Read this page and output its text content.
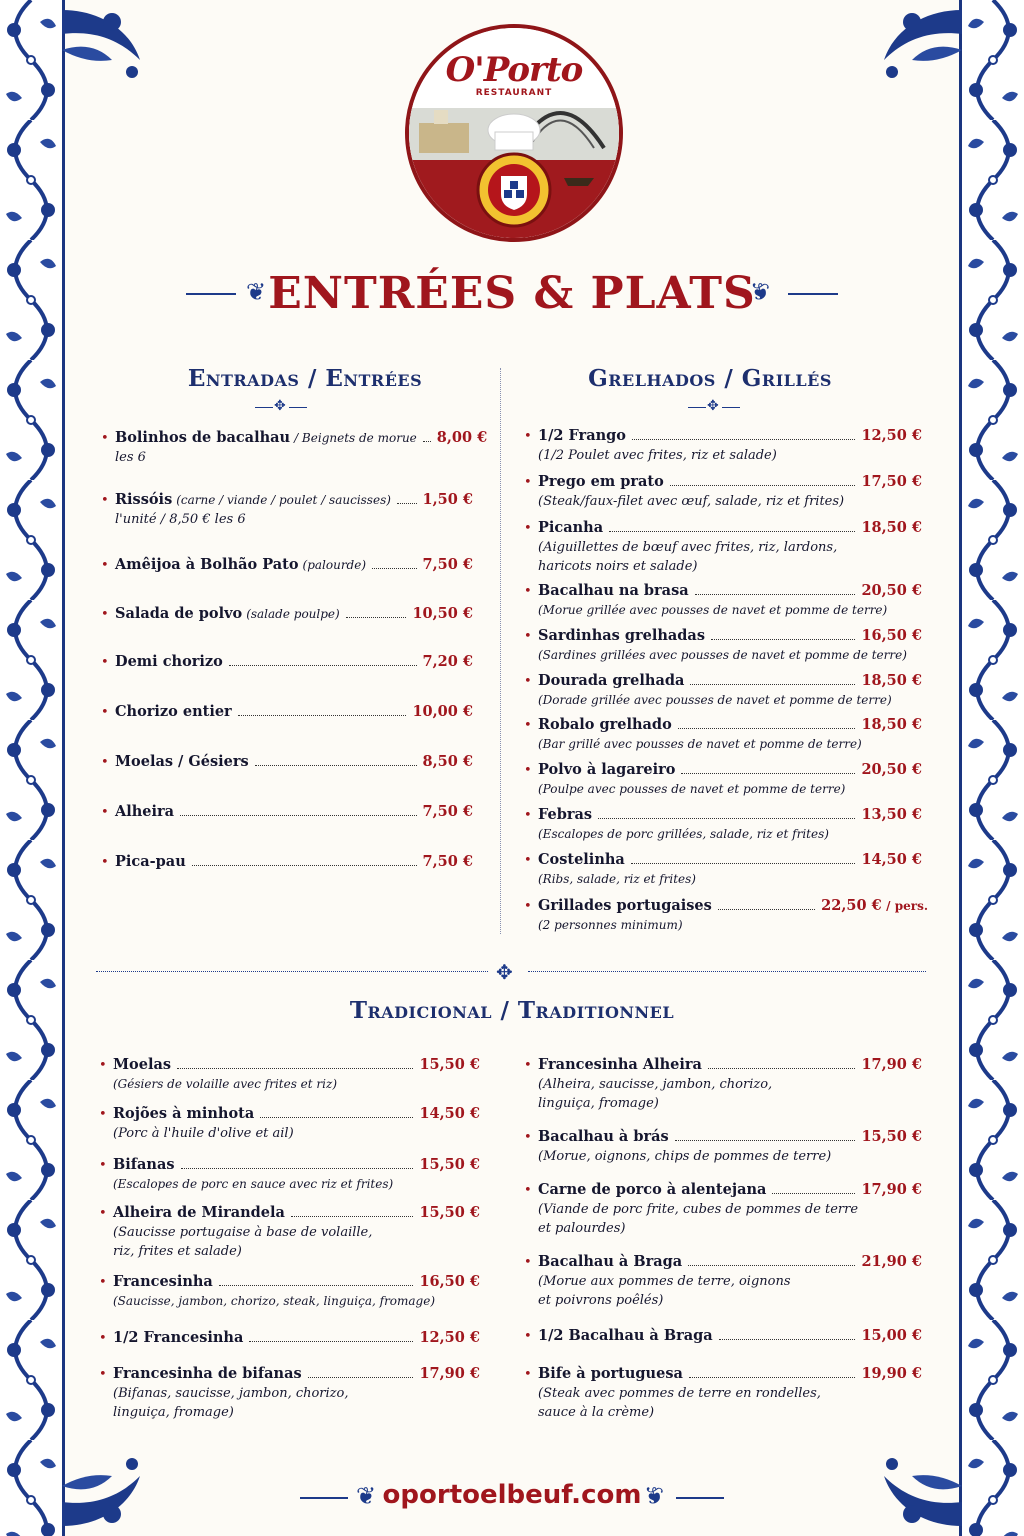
O'Porto
RESTAURANT
❦ ENTRÉES & PLATS
❦
Entradas / Entrées
✥
Grelhados / Grillés
✥
• Bolinhos de bacalhau / Beignets de morue 8,00 €
les 6
• Rissóis (carne / viande / poulet / saucisses) 1,50 €
l'unité / 8,50 € les 6
• Amêijoa à Bolhão Pato (palourde)	7,50 €
• Salada de polvo (salade poulpe)	10,50 €
• Demi chorizo	7,20 €
• Chorizo entier	10,00 €
• Moelas / Gésiers	8,50 €
• Alheira	7,50 €
• Pica-pau	7,50 €
• 1/2 Frango	12,50 €
(1/2 Poulet avec frites, riz et salade)
• Prego em prato	17,50 €
(Steak/faux-filet avec œuf, salade, riz et frites)
• Picanha	18,50 €
(Aiguillettes de bœuf avec frites, riz, lardons,
haricots noirs et salade)
• Bacalhau na brasa	20,50 €
(Morue grillée avec pousses de navet et pomme de terre)
• Sardinhas grelhadas	16,50 €
(Sardines grillées avec pousses de navet et pomme de terre)
• Dourada grelhada	18,50 €
(Dorade grillée avec pousses de navet et pomme de terre)
• Robalo grelhado	18,50 €
(Bar grillé avec pousses de navet et pomme de terre)
• Polvo à lagareiro	20,50 €
(Poulpe avec pousses de navet et pomme de terre)
• Febras	13,50 €
(Escalopes de porc grillées, salade, riz et frites)
• Costelinha	14,50 €
(Ribs, salade, riz et frites)
• Grillades portugaises	22,50 €
/ pers.
(2 personnes minimum)
✥
Tradicional / Traditionnel
• Moelas	15,50 €
(Gésiers de volaille avec frites et riz)
• Rojões à minhota	14,50 €
(Porc à l'huile d'olive et ail)
• Bifanas	15,50 €
(Escalopes de porc en sauce avec riz et frites)
• Alheira de Mirandela	15,50 €
(Saucisse portugaise à base de volaille,
riz, frites et salade)
• Francesinha	16,50 €
(Saucisse, jambon, chorizo, steak, linguiça, fromage)
• 1/2 Francesinha	12,50 €
• Francesinha de bifanas	17,90 €
(Bifanas, saucisse, jambon, chorizo,
linguiça, fromage)
• Francesinha Alheira	17,90 €
(Alheira, saucisse, jambon, chorizo,
linguiça, fromage)
• Bacalhau à brás	15,50 €
(Morue, oignons, chips de pommes de terre)
• Carne de porco à alentejana	17,90 €
(Viande de porc frite, cubes de pommes de terre
et palourdes)
• Bacalhau à Braga	21,90 €
(Morue aux pommes de terre, oignons
et poivrons poêlés)
• 1/2 Bacalhau à Braga	15,00 €
• Bife à portuguesa	19,90 €
(Steak avec pommes de terre en rondelles,
sauce à la crème)
❦ oportoelbeuf.com ❦
